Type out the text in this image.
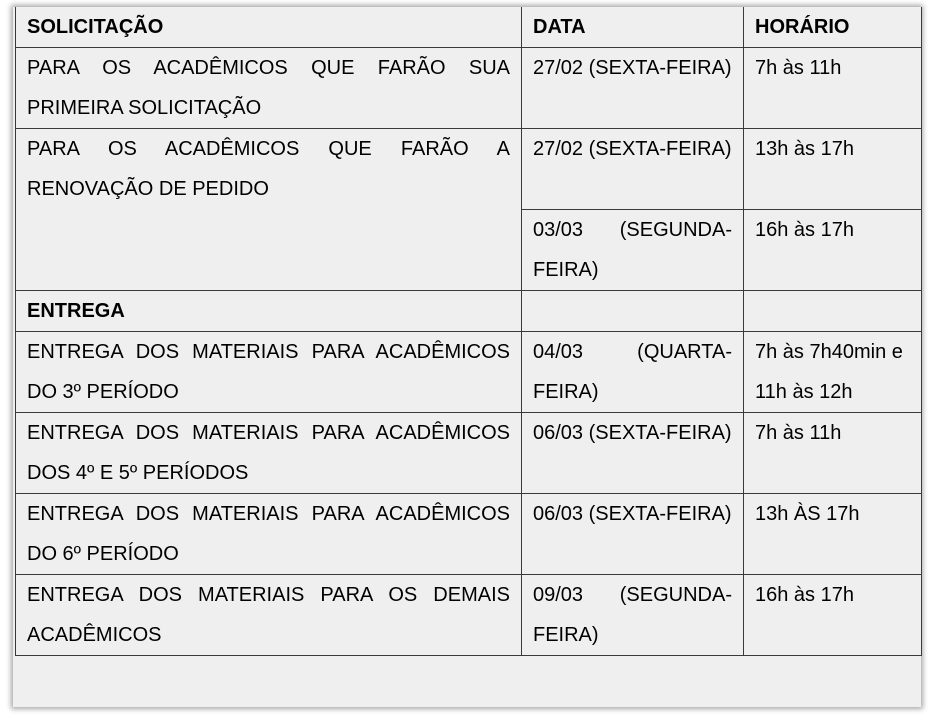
SOLICITAÇÃO	DATA	HORÁRIO
PARA OS ACADÊMICOS QUE FARÃO SUA PRIMEIRA SOLICITAÇÃO	27/02 (SEXTA-FEIRA)	7h às 11h
PARA OS ACADÊMICOS QUE FARÃO A RENOVAÇÃO DE PEDIDO	27/02 (SEXTA-FEIRA)	13h às 17h
	03/03 (SEGUNDA-FEIRA)	16h às 17h
ENTREGA		
ENTREGA DOS MATERIAIS PARA ACADÊMICOS DO 3º PERÍODO	04/03 (QUARTA-FEIRA)	7h às 7h40min e 11h às 12h
ENTREGA DOS MATERIAIS PARA ACADÊMICOS DOS 4º E 5º PERÍODOS	06/03 (SEXTA-FEIRA)	7h às 11h
ENTREGA DOS MATERIAIS PARA ACADÊMICOS DO 6º PERÍODO	06/03 (SEXTA-FEIRA)	13h ÀS 17h
ENTREGA DOS MATERIAIS PARA OS DEMAIS ACADÊMICOS	09/03 (SEGUNDA-FEIRA)	16h às 17h
